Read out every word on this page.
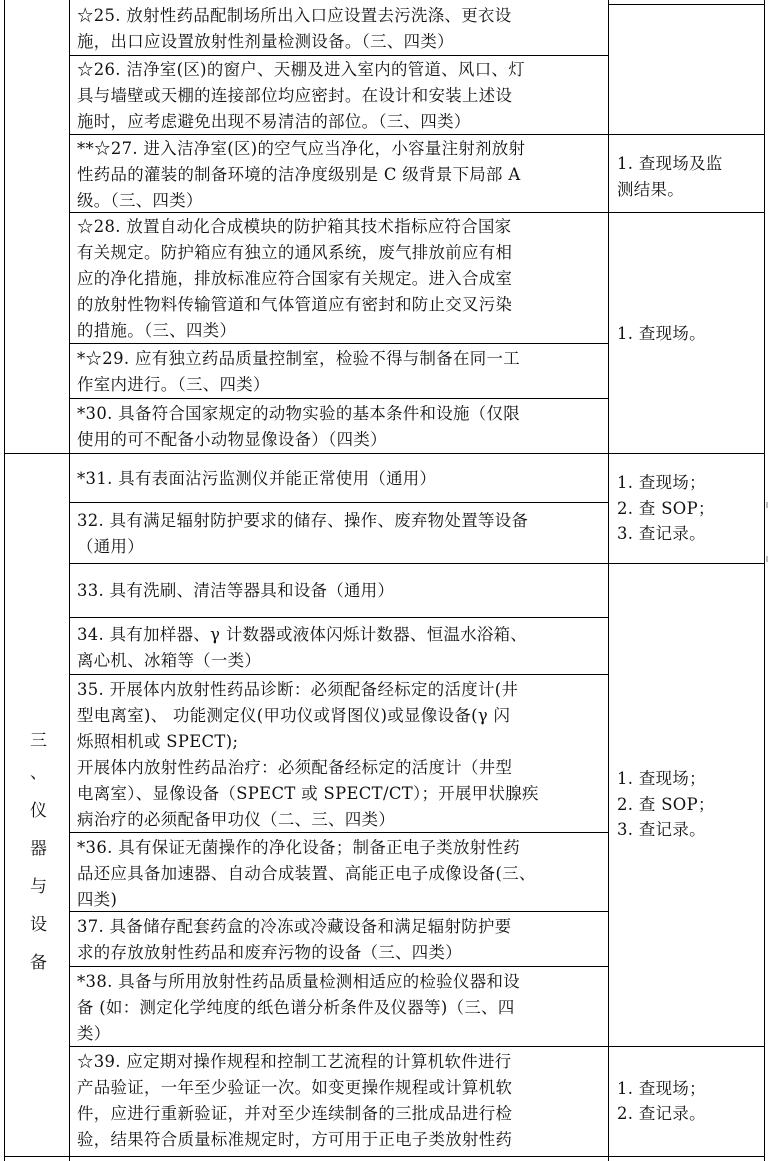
三
、
仪
器
与
设
备
☆25. 放射性药品配制场所出入口应设置去污洗涤、更衣设
施，出口应设置放射性剂量检测设备。（三、四类）
☆26. 洁净室(区)的窗户、天棚及进入室内的管道、风口、灯
具与墙壁或天棚的连接部位均应密封。在设计和安装上述设
施时，应考虑避免出现不易清洁的部位。（三、四类）
**☆27. 进入洁净室(区)的空气应当净化，小容量注射剂放射
性药品的灌装的制备环境的洁净度级别是 C 级背景下局部 A
级。（三、四类）
☆28. 放置自动化合成模块的防护箱其技术指标应符合国家
有关规定。防护箱应有独立的通风系统，废气排放前应有相
应的净化措施，排放标准应符合国家有关规定。进入合成室
的放射性物料传输管道和气体管道应有密封和防止交叉污染
的措施。（三、四类）
*☆29. 应有独立药品质量控制室，检验不得与制备在同一工
作室内进行。（三、四类）
*30. 具备符合国家规定的动物实验的基本条件和设施（仅限
使用的可不配备小动物显像设备）（四类）
*31. 具有表面沾污监测仪并能正常使用（通用）
32. 具有满足辐射防护要求的储存、操作、废弃物处置等设备
（通用）
33. 具有洗刷、清洁等器具和设备（通用）
34. 具有加样器、γ 计数器或液体闪烁计数器、恒温水浴箱、
离心机、冰箱等（一类）
35. 开展体内放射性药品诊断：必须配备经标定的活度计(井
型电离室)、 功能测定仪(甲功仪或肾图仪)或显像设备(γ 闪
烁照相机或 SPECT);
开展体内放射性药品治疗：必须配备经标定的活度计（井型
电离室）、显像设备（SPECT 或 SPECT/CT）；开展甲状腺疾
病治疗的必须配备甲功仪（二、三、四类）
*36. 具有保证无菌操作的净化设备；制备正电子类放射性药
品还应具备加速器、自动合成装置、高能正电子成像设备(三、
四类)
37. 具备储存配套药盒的冷冻或冷藏设备和满足辐射防护要
求的存放放射性药品和废弃污物的设备（三、四类）
*38. 具备与所用放射性药品质量检测相适应的检验仪器和设
备 (如：测定化学纯度的纸色谱分析条件及仪器等)（三、四
类）
☆39. 应定期对操作规程和控制工艺流程的计算机软件进行
产品验证，一年至少验证一次。如变更操作规程或计算机软
件，应进行重新验证，并对至少连续制备的三批成品进行检
验，结果符合质量标准规定时，方可用于正电子类放射性药
1. 查现场及监
测结果。
1. 查现场。
1. 查现场；
2. 查 SOP；
3. 查记录。
1. 查现场；
2. 查 SOP；
3. 查记录。
1. 查现场；
2. 查记录。
